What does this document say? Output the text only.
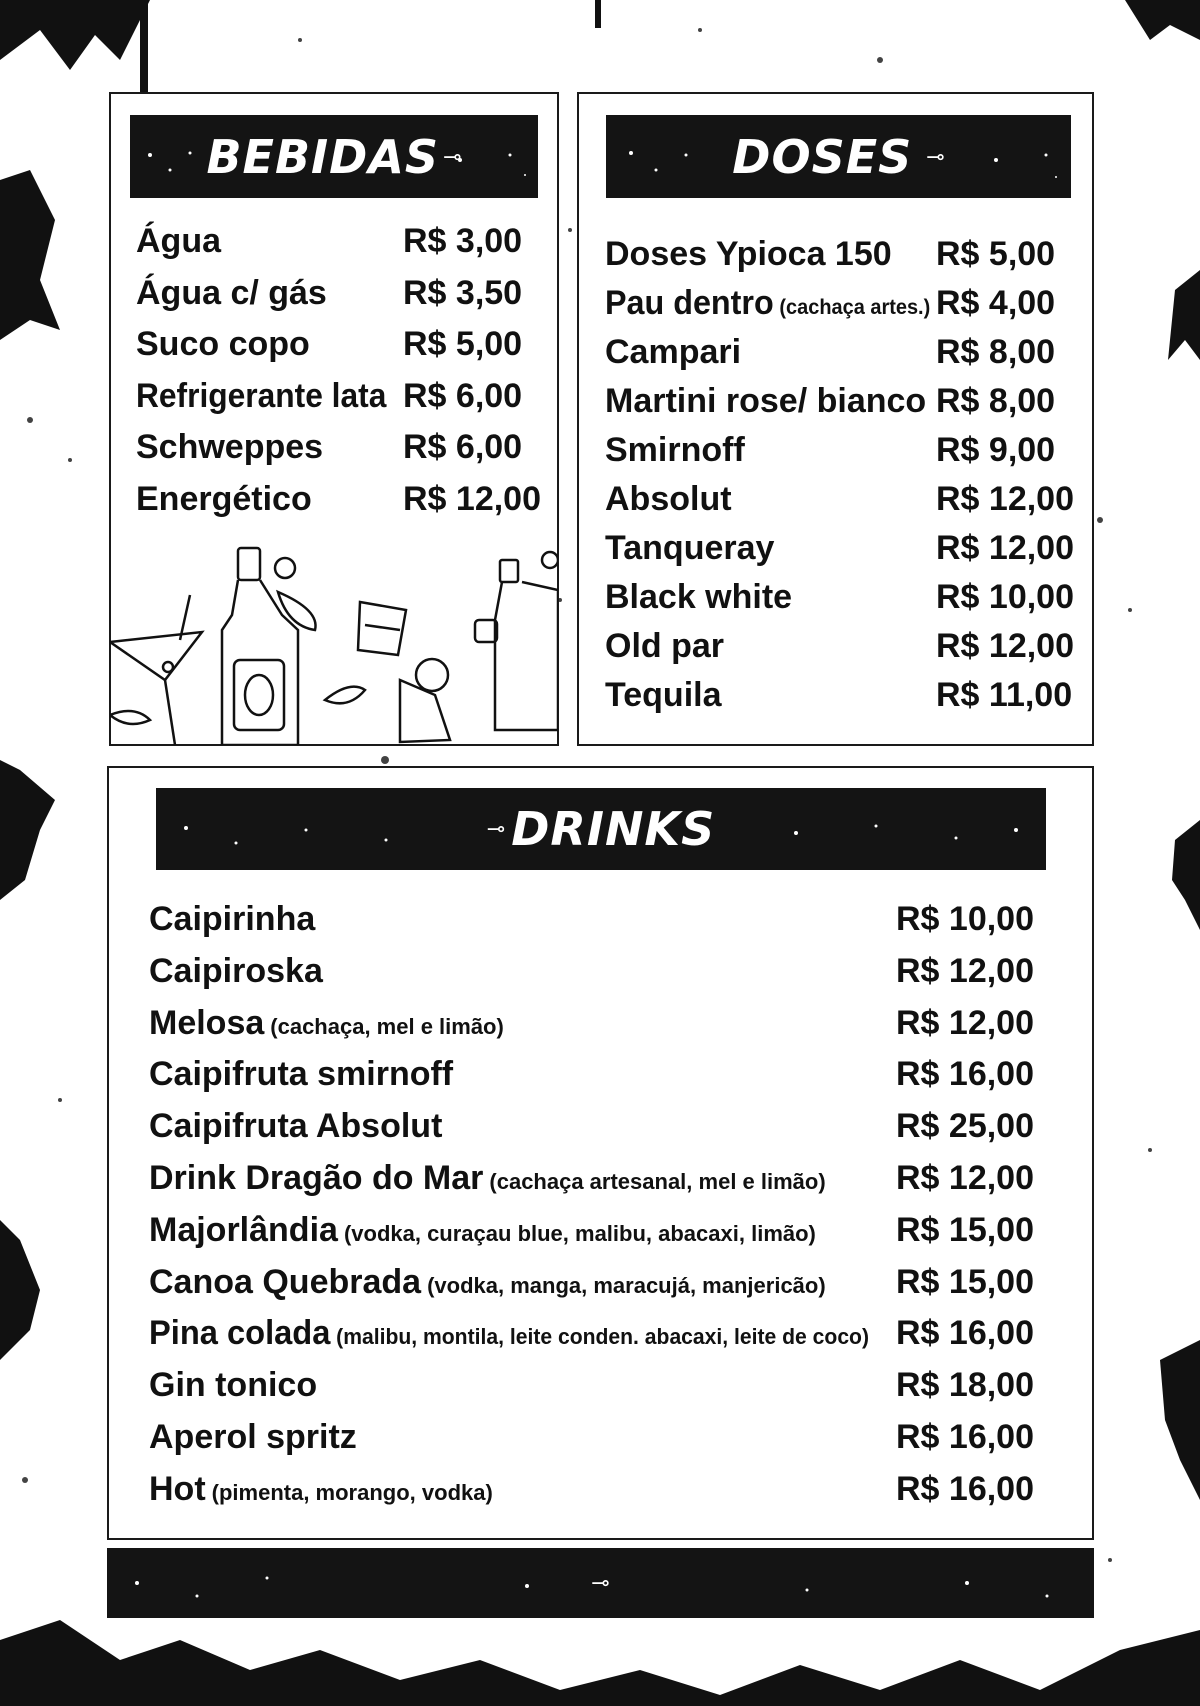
BEBIDAS ⊸
Água	R$ 3,00
Água c/ gás R$ 3,50
Suco copo	R$ 5,00
Refrigerante lata R$ 6,00
Schweppes R$ 6,00
Energético	R$ 12,00
DOSES ⊸
Doses Ypioca 150 R$ 5,00
Pau dentro (cachaça artes.) R$ 4,00
Campari	R$ 8,00
Martini rose/ bianco R$ 8,00
Smirnoff	R$ 9,00
Absolut	R$ 12,00
Tanqueray	R$ 12,00
Black white	R$ 10,00
Old par	R$ 12,00
Tequila	R$ 11,00
⊸ DRINKS
Caipirinha	R$ 10,00
Caipiroska	R$ 12,00
Melosa (cachaça, mel e limão)	R$ 12,00
Caipifruta smirnoff	R$ 16,00
Caipifruta Absolut	R$ 25,00
Drink Dragão do Mar (cachaça artesanal, mel e limão) R$ 12,00
Majorlândia (vodka, curaçau blue, malibu, abacaxi, limão) R$ 15,00
Canoa Quebrada (vodka, manga, maracujá, manjericão) R$ 15,00
Pina colada (malibu, montila, leite conden. abacaxi, leite de coco) R$ 16,00
Gin tonico	R$ 18,00
Aperol spritz	R$ 16,00
Hot (pimenta, morango, vodka)	R$ 16,00
⊸
